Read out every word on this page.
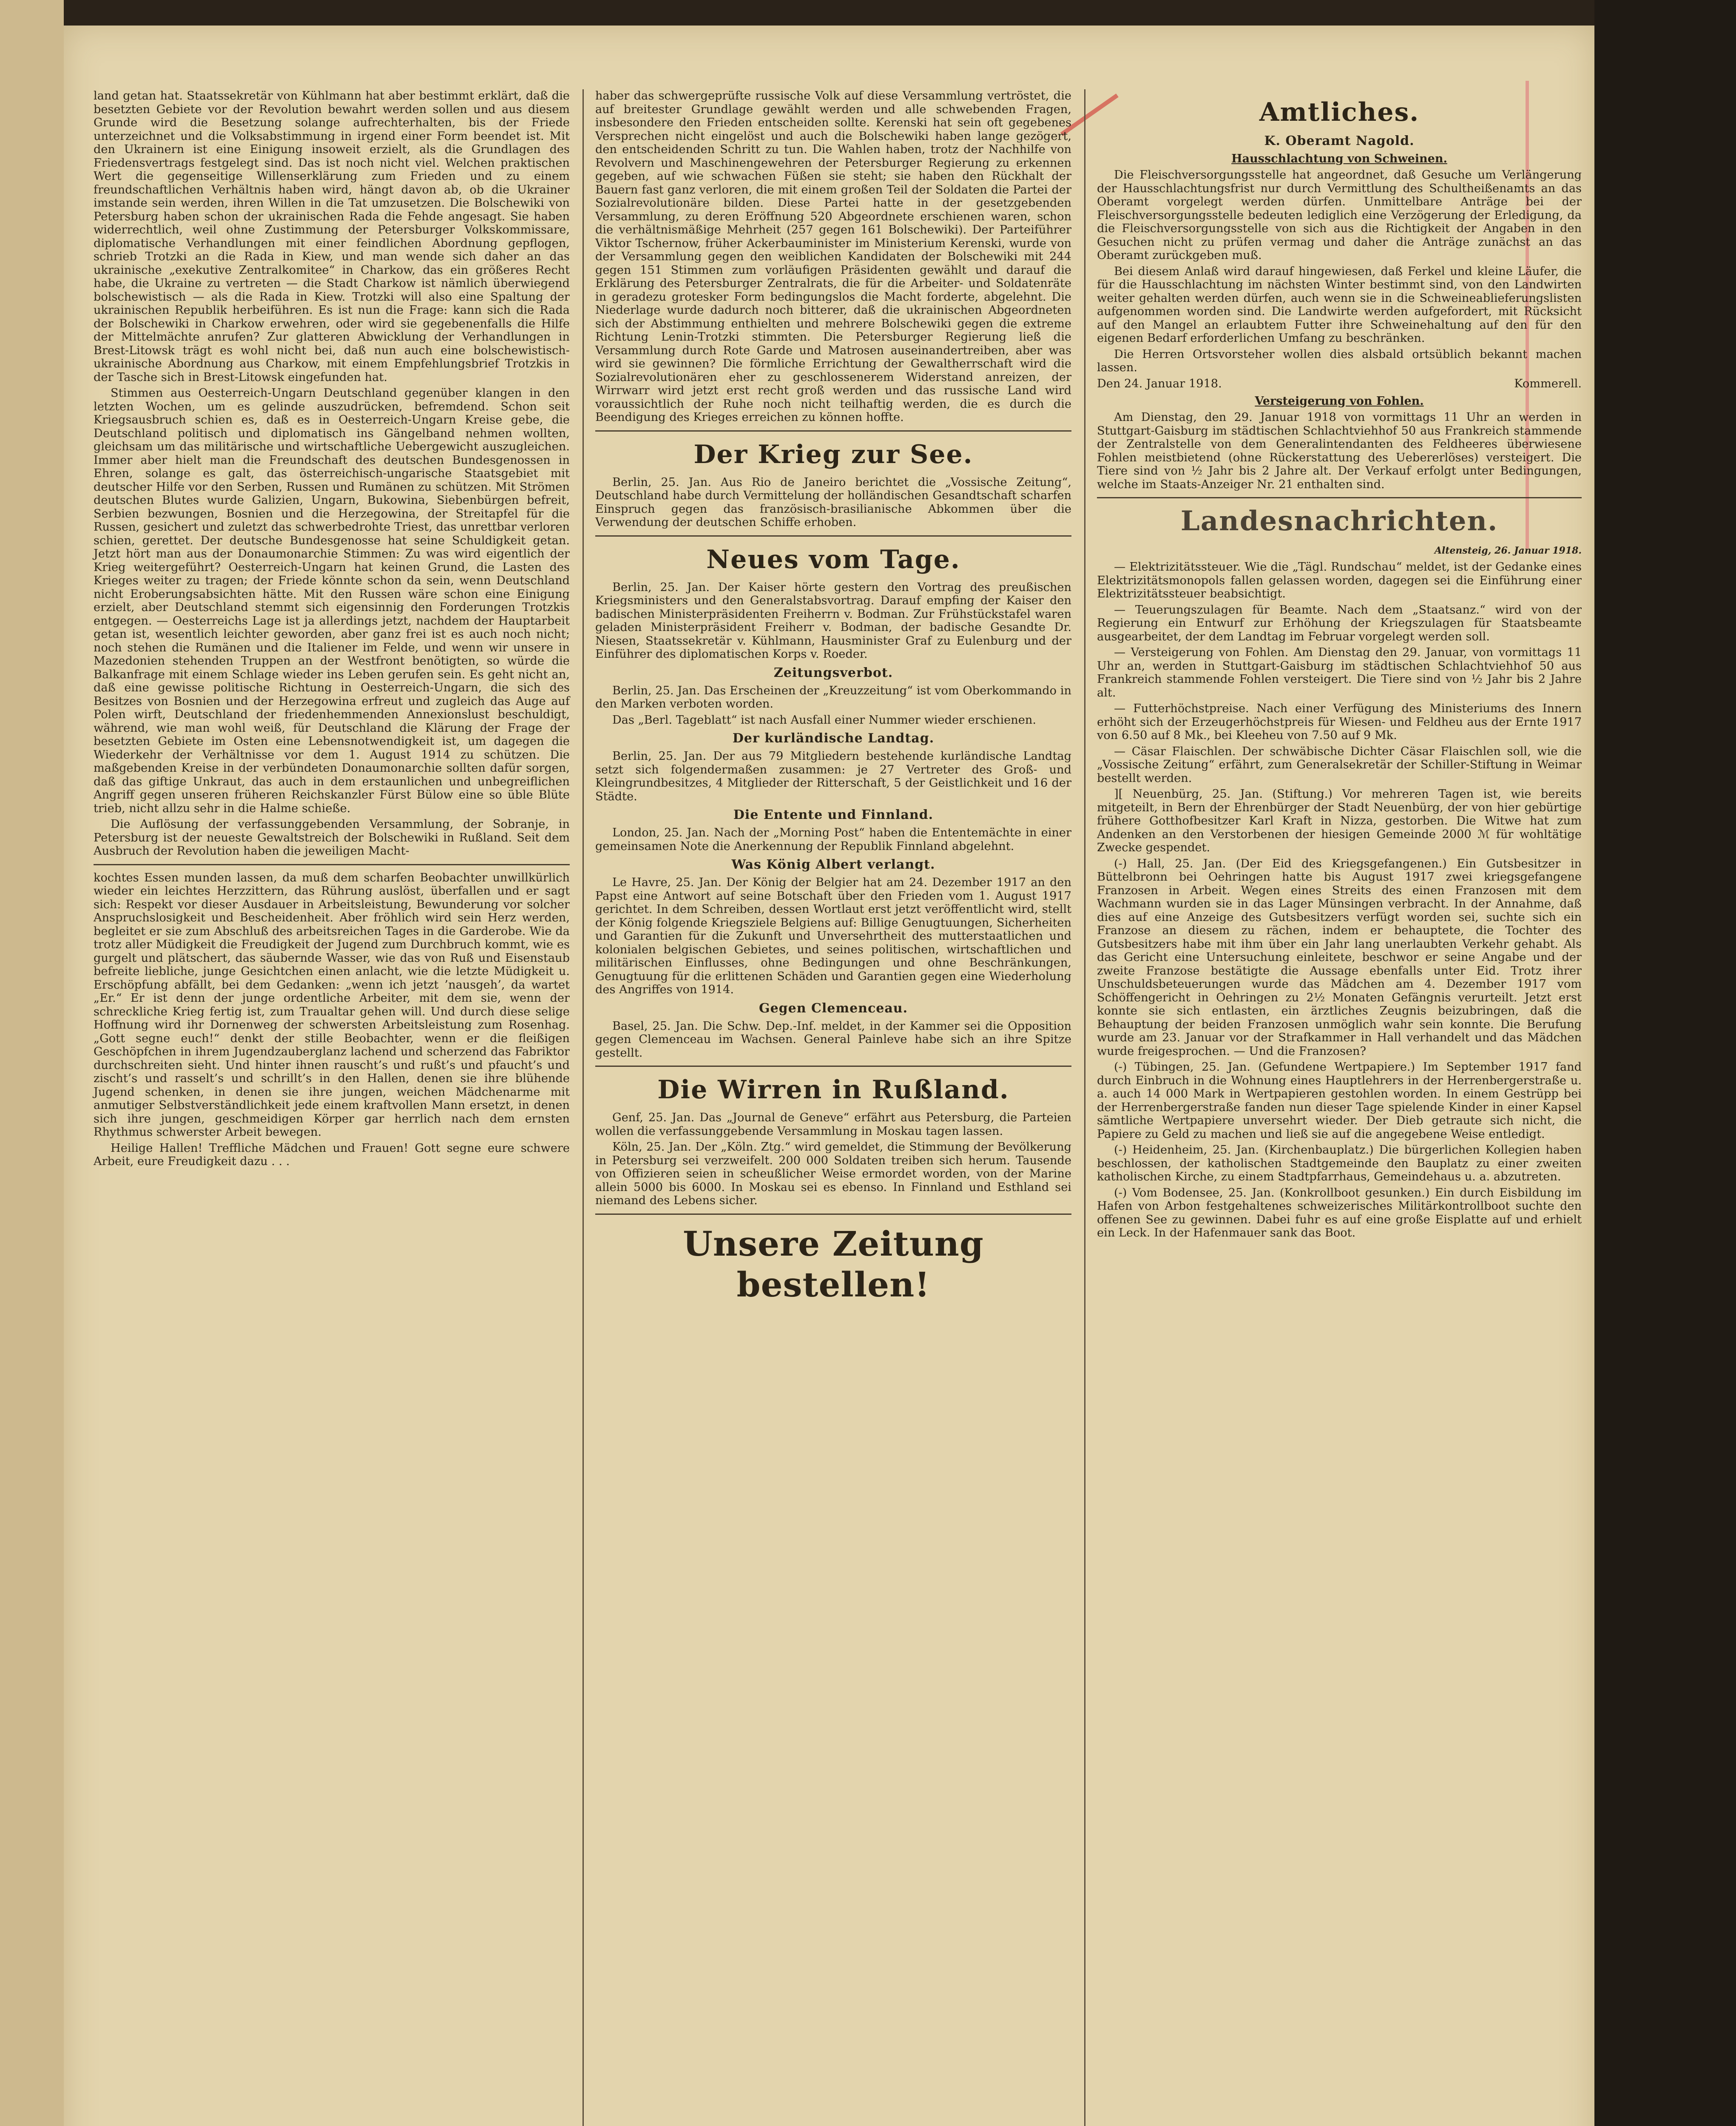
land getan hat. Staatssekretär von Kühlmann hat aber bestimmt erklärt, daß die besetzten Gebiete vor der Revolution bewahrt werden sollen und aus diesem Grunde wird die Besetzung solange aufrechterhalten, bis der Friede unterzeichnet und die Volksabstimmung in irgend einer Form beendet ist. Mit den Ukrainern ist eine Einigung insoweit erzielt, als die Grundlagen des Friedensvertrags festgelegt sind. Das ist noch nicht viel. Welchen praktischen Wert die gegenseitige Willenserklärung zum Frieden und zu einem freundschaftlichen Verhältnis haben wird, hängt davon ab, ob die Ukrainer imstande sein werden, ihren Willen in die Tat umzusetzen. Die Bolschewiki von Petersburg haben schon der ukrainischen Rada die Fehde angesagt. Sie haben widerrechtlich, weil ohne Zustimmung der Petersburger Volkskommissare, diplomatische Verhandlungen mit einer feindlichen Abordnung gepflogen, schrieb Trotzki an die Rada in Kiew, und man wende sich daher an das ukrainische „exekutive Zentralkomitee“ in Charkow, das ein größeres Recht habe, die Ukraine zu vertreten — die Stadt Charkow ist nämlich überwiegend bolschewistisch — als die Rada in Kiew. Trotzki will also eine Spaltung der ukrainischen Republik herbeiführen. Es ist nun die Frage: kann sich die Rada der Bolschewiki in Charkow erwehren, oder wird sie gegebenenfalls die Hilfe der Mittelmächte anrufen? Zur glatteren Abwicklung der Verhandlungen in Brest-Litowsk trägt es wohl nicht bei, daß nun auch eine bolschewistisch-ukrainische Abordnung aus Charkow, mit einem Empfehlungsbrief Trotzkis in der Tasche sich in Brest-Litowsk eingefunden hat.

Stimmen aus Oesterreich-Ungarn Deutschland gegenüber klangen in den letzten Wochen, um es gelinde auszudrücken, befremdend. Schon seit Kriegsausbruch schien es, daß es in Oesterreich-Ungarn Kreise gebe, die Deutschland politisch und diplomatisch ins Gängelband nehmen wollten, gleichsam um das militärische und wirtschaftliche Uebergewicht auszugleichen. Immer aber hielt man die Freundschaft des deutschen Bundesgenossen in Ehren, solange es galt, das österreichisch-ungarische Staatsgebiet mit deutscher Hilfe vor den Serben, Russen und Rumänen zu schützen. Mit Strömen deutschen Blutes wurde Galizien, Ungarn, Bukowina, Siebenbürgen befreit, Serbien bezwungen, Bosnien und die Herzegowina, der Streitapfel für die Russen, gesichert und zuletzt das schwerbedrohte Triest, das unrettbar verloren schien, gerettet. Der deutsche Bundesgenosse hat seine Schuldigkeit getan. Jetzt hört man aus der Donaumonarchie Stimmen: Zu was wird eigentlich der Krieg weitergeführt? Oesterreich-Ungarn hat keinen Grund, die Lasten des Krieges weiter zu tragen; der Friede könnte schon da sein, wenn Deutschland nicht Eroberungsabsichten hätte. Mit den Russen wäre schon eine Einigung erzielt, aber Deutschland stemmt sich eigensinnig den Forderungen Trotzkis entgegen. — Oesterreichs Lage ist ja allerdings jetzt, nachdem der Hauptarbeit getan ist, wesentlich leichter geworden, aber ganz frei ist es auch noch nicht; noch stehen die Rumänen und die Italiener im Felde, und wenn wir unsere in Mazedonien stehenden Truppen an der Westfront benötigten, so würde die Balkanfrage mit einem Schlage wieder ins Leben gerufen sein. Es geht nicht an, daß eine gewisse politische Richtung in Oesterreich-Ungarn, die sich des Besitzes von Bosnien und der Herzegowina erfreut und zugleich das Auge auf Polen wirft, Deutschland der friedenhemmenden Annexionslust beschuldigt, während, wie man wohl weiß, für Deutschland die Klärung der Frage der besetzten Gebiete im Osten eine Lebensnotwendigkeit ist, um dagegen die Wiederkehr der Verhältnisse vor dem 1. August 1914 zu schützen. Die maßgebenden Kreise in der verbündeten Donaumonarchie sollten dafür sorgen, daß das giftige Unkraut, das auch in dem erstaunlichen und unbegreiflichen Angriff gegen unseren früheren Reichskanzler Fürst Bülow eine so üble Blüte trieb, nicht allzu sehr in die Halme schieße.

Die Auflösung der verfassunggebenden Versammlung, der Sobranje, in Petersburg ist der neueste Gewaltstreich der Bolschewiki in Rußland. Seit dem Ausbruch der Revolution haben die jeweiligen Macht-

kochtes Essen munden lassen, da muß dem scharfen Beobachter unwillkürlich wieder ein leichtes Herzzittern, das Rührung auslöst, überfallen und er sagt sich: Respekt vor dieser Ausdauer in Arbeitsleistung, Bewunderung vor solcher Anspruchslosigkeit und Bescheidenheit. Aber fröhlich wird sein Herz werden, begleitet er sie zum Abschluß des arbeitsreichen Tages in die Garderobe. Wie da trotz aller Müdigkeit die Freudigkeit der Jugend zum Durchbruch kommt, wie es gurgelt und plätschert, das säubernde Wasser, wie das von Ruß und Eisenstaub befreite liebliche, junge Gesichtchen einen anlacht, wie die letzte Müdigkeit u. Erschöpfung abfällt, bei dem Gedanken: „wenn ich jetzt ’nausgeh’, da wartet „Er.“ Er ist denn der junge ordentliche Arbeiter, mit dem sie, wenn der schreckliche Krieg fertig ist, zum Traualtar gehen will. Und durch diese selige Hoffnung wird ihr Dornenweg der schwersten Arbeitsleistung zum Rosenhag. „Gott segne euch!“ denkt der stille Beobachter, wenn er die fleißigen Geschöpfchen in ihrem Jugendzauberglanz lachend und scherzend das Fabriktor durchschreiten sieht. Und hinter ihnen rauscht’s und rußt’s und pfaucht’s und zischt’s und rasselt’s und schrillt’s in den Hallen, denen sie ihre blühende Jugend schenken, in denen sie ihre jungen, weichen Mädchenarme mit anmutiger Selbstverständlichkeit jede einem kraftvollen Mann ersetzt, in denen sich ihre jungen, geschmeidigen Körper gar herrlich nach dem ernsten Rhythmus schwerster Arbeit bewegen.

Heilige Hallen! Treffliche Mädchen und Frauen! Gott segne eure schwere Arbeit, eure Freudigkeit dazu . . .

haber das schwergeprüfte russische Volk auf diese Versammlung vertröstet, die auf breitester Grundlage gewählt werden und alle schwebenden Fragen, insbesondere den Frieden entscheiden sollte. Kerenski hat sein oft gegebenes Versprechen nicht eingelöst und auch die Bolschewiki haben lange gezögert, den entscheidenden Schritt zu tun. Die Wahlen haben, trotz der Nachhilfe von Revolvern und Maschinengewehren der Petersburger Regierung zu erkennen gegeben, auf wie schwachen Füßen sie steht; sie haben den Rückhalt der Bauern fast ganz verloren, die mit einem großen Teil der Soldaten die Partei der Sozialrevolutionäre bilden. Diese Partei hatte in der gesetzgebenden Versammlung, zu deren Eröffnung 520 Abgeordnete erschienen waren, schon die verhältnismäßige Mehrheit (257 gegen 161 Bolschewiki). Der Parteiführer Viktor Tschernow, früher Ackerbauminister im Ministerium Kerenski, wurde von der Versammlung gegen den weiblichen Kandidaten der Bolschewiki mit 244 gegen 151 Stimmen zum vorläufigen Präsidenten gewählt und darauf die Erklärung des Petersburger Zentralrats, die für die Arbeiter- und Soldatenräte in geradezu grotesker Form bedingungslos die Macht forderte, abgelehnt. Die Niederlage wurde dadurch noch bitterer, daß die ukrainischen Abgeordneten sich der Abstimmung enthielten und mehrere Bolschewiki gegen die extreme Richtung Lenin-Trotzki stimmten. Die Petersburger Regierung ließ die Versammlung durch Rote Garde und Matrosen auseinandertreiben, aber was wird sie gewinnen? Die förmliche Errichtung der Gewaltherrschaft wird die Sozialrevolutionären eher zu geschlossenerem Widerstand anreizen, der Wirrwarr wird jetzt erst recht groß werden und das russische Land wird voraussichtlich der Ruhe noch nicht teilhaftig werden, die es durch die Beendigung des Krieges erreichen zu können hoffte.

Der Krieg zur See.

Berlin, 25. Jan. Aus Rio de Janeiro berichtet die „Vossische Zeitung“, Deutschland habe durch Vermittelung der holländischen Gesandtschaft scharfen Einspruch gegen das französisch-brasilianische Abkommen über die Verwendung der deutschen Schiffe erhoben.

Neues vom Tage.

Berlin, 25. Jan. Der Kaiser hörte gestern den Vortrag des preußischen Kriegsministers und den Generalstabsvortrag. Darauf empfing der Kaiser den badischen Ministerpräsidenten Freiherrn v. Bodman. Zur Frühstückstafel waren geladen Ministerpräsident Freiherr v. Bodman, der badische Gesandte Dr. Niesen, Staatssekretär v. Kühlmann, Hausminister Graf zu Eulenburg und der Einführer des diplomatischen Korps v. Roeder.

Zeitungsverbot.

Berlin, 25. Jan. Das Erscheinen der „Kreuzzeitung“ ist vom Oberkommando in den Marken verboten worden.

Das „Berl. Tageblatt“ ist nach Ausfall einer Nummer wieder erschienen.

Der kurländische Landtag.

Berlin, 25. Jan. Der aus 79 Mitgliedern bestehende kurländische Landtag setzt sich folgendermaßen zusammen: je 27 Vertreter des Groß- und Kleingrundbesitzes, 4 Mitglieder der Ritterschaft, 5 der Geistlichkeit und 16 der Städte.

Die Entente und Finnland.

London, 25. Jan. Nach der „Morning Post“ haben die Ententemächte in einer gemeinsamen Note die Anerkennung der Republik Finnland abgelehnt.

Was König Albert verlangt.

Le Havre, 25. Jan. Der König der Belgier hat am 24. Dezember 1917 an den Papst eine Antwort auf seine Botschaft über den Frieden vom 1. August 1917 gerichtet. In dem Schreiben, dessen Wortlaut erst jetzt veröffentlicht wird, stellt der König folgende Kriegsziele Belgiens auf: Billige Genugtuungen, Sicherheiten und Garantien für die Zukunft und Unversehrtheit des mutterstaatlichen und kolonialen belgischen Gebietes, und seines politischen, wirtschaftlichen und militärischen Einflusses, ohne Bedingungen und ohne Beschränkungen, Genugtuung für die erlittenen Schäden und Garantien gegen eine Wiederholung des Angriffes von 1914.

Gegen Clemenceau.

Basel, 25. Jan. Die Schw. Dep.-Inf. meldet, in der Kammer sei die Opposition gegen Clemenceau im Wachsen. General Painleve habe sich an ihre Spitze gestellt.

Die Wirren in Rußland.

Genf, 25. Jan. Das „Journal de Geneve“ erfährt aus Petersburg, die Parteien wollen die verfassunggebende Versammlung in Moskau tagen lassen.

Köln, 25. Jan. Der „Köln. Ztg.“ wird gemeldet, die Stimmung der Bevölkerung in Petersburg sei verzweifelt. 200 000 Soldaten treiben sich herum. Tausende von Offizieren seien in scheußlicher Weise ermordet worden, von der Marine allein 5000 bis 6000. In Moskau sei es ebenso. In Finnland und Esthland sei niemand des Lebens sicher.

Unsere Zeitung bestellen!
Amtliches.
K. Oberamt Nagold.
Hausschlachtung von Schweinen.

Die Fleischversorgungsstelle hat angeordnet, daß Gesuche um Verlängerung der Hausschlachtungsfrist nur durch Vermittlung des Schultheißenamts an das Oberamt vorgelegt werden dürfen. Unmittelbare Anträge bei der Fleischversorgungsstelle bedeuten lediglich eine Verzögerung der Erledigung, da die Fleischversorgungsstelle von sich aus die Richtigkeit der Angaben in den Gesuchen nicht zu prüfen vermag und daher die Anträge zunächst an das Oberamt zurückgeben muß.

Bei diesem Anlaß wird darauf hingewiesen, daß Ferkel und kleine Läufer, die für die Hausschlachtung im nächsten Winter bestimmt sind, von den Landwirten weiter gehalten werden dürfen, auch wenn sie in die Schweineablieferungslisten aufgenommen worden sind. Die Landwirte werden aufgefordert, mit Rücksicht auf den Mangel an erlaubtem Futter ihre Schweinehaltung auf den für den eigenen Bedarf erforderlichen Umfang zu beschränken.

Die Herren Ortsvorsteher wollen dies alsbald ortsüblich bekannt machen lassen.

Den 24. Januar 1918.	Kommerell.
Versteigerung von Fohlen.

Am Dienstag, den 29. Januar 1918 von vormittags 11 Uhr an werden in Stuttgart-Gaisburg im städtischen Schlachtviehhof 50 aus Frankreich stammende der Zentralstelle von dem Generalintendanten des Feldheeres überwiesene Fohlen meistbietend (ohne Rückerstattung des Uebererlöses) versteigert. Die Tiere sind von ½ Jahr bis 2 Jahre alt. Der Verkauf erfolgt unter Bedingungen, welche im Staats-Anzeiger Nr. 21 enthalten sind.

Landesnachrichten.
Altensteig, 26. Januar 1918.

— Elektrizitätssteuer. Wie die „Tägl. Rundschau“ meldet, ist der Gedanke eines Elektrizitätsmonopols fallen gelassen worden, dagegen sei die Einführung einer Elektrizitätssteuer beabsichtigt.

— Teuerungszulagen für Beamte. Nach dem „Staatsanz.“ wird von der Regierung ein Entwurf zur Erhöhung der Kriegszulagen für Staatsbeamte ausgearbeitet, der dem Landtag im Februar vorgelegt werden soll.

— Versteigerung von Fohlen. Am Dienstag den 29. Januar, von vormittags 11 Uhr an, werden in Stuttgart-Gaisburg im städtischen Schlachtviehhof 50 aus Frankreich stammende Fohlen versteigert. Die Tiere sind von ½ Jahr bis 2 Jahre alt.

— Futterhöchstpreise. Nach einer Verfügung des Ministeriums des Innern erhöht sich der Erzeugerhöchstpreis für Wiesen- und Feldheu aus der Ernte 1917 von 6.50 auf 8 Mk., bei Kleeheu von 7.50 auf 9 Mk.

— Cäsar Flaischlen. Der schwäbische Dichter Cäsar Flaischlen soll, wie die „Vossische Zeitung“ erfährt, zum Generalsekretär der Schiller-Stiftung in Weimar bestellt werden.

][ Neuenbürg, 25. Jan. (Stiftung.) Vor mehreren Tagen ist, wie bereits mitgeteilt, in Bern der Ehrenbürger der Stadt Neuenbürg, der von hier gebürtige frühere Gotthofbesitzer Karl Kraft in Nizza, gestorben. Die Witwe hat zum Andenken an den Verstorbenen der hiesigen Gemeinde 2000 ℳ für wohltätige Zwecke gespendet.

(-) Hall, 25. Jan. (Der Eid des Kriegsgefangenen.) Ein Gutsbesitzer in Büttelbronn bei Oehringen hatte bis August 1917 zwei kriegsgefangene Franzosen in Arbeit. Wegen eines Streits des einen Franzosen mit dem Wachmann wurden sie in das Lager Münsingen verbracht. In der Annahme, daß dies auf eine Anzeige des Gutsbesitzers verfügt worden sei, suchte sich ein Franzose an diesem zu rächen, indem er behauptete, die Tochter des Gutsbesitzers habe mit ihm über ein Jahr lang unerlaubten Verkehr gehabt. Als das Gericht eine Untersuchung einleitete, beschwor er seine Angabe und der zweite Franzose bestätigte die Aussage ebenfalls unter Eid. Trotz ihrer Unschuldsbeteuerungen wurde das Mädchen am 4. Dezember 1917 vom Schöffengericht in Oehringen zu 2½ Monaten Gefängnis verurteilt. Jetzt erst konnte sie sich entlasten, ein ärztliches Zeugnis beizubringen, daß die Behauptung der beiden Franzosen unmöglich wahr sein konnte. Die Berufung wurde am 23. Januar vor der Strafkammer in Hall verhandelt und das Mädchen wurde freigesprochen. — Und die Franzosen?

(-) Tübingen, 25. Jan. (Gefundene Wertpapiere.) Im September 1917 fand durch Einbruch in die Wohnung eines Hauptlehrers in der Herrenbergerstraße u. a. auch 14 000 Mark in Wertpapieren gestohlen worden. In einem Gestrüpp bei der Herrenbergerstraße fanden nun dieser Tage spielende Kinder in einer Kapsel sämtliche Wertpapiere unversehrt wieder. Der Dieb getraute sich nicht, die Papiere zu Geld zu machen und ließ sie auf die angegebene Weise entledigt.

(-) Heidenheim, 25. Jan. (Kirchenbauplatz.) Die bürgerlichen Kollegien haben beschlossen, der katholischen Stadtgemeinde den Bauplatz zu einer zweiten katholischen Kirche, zu einem Stadtpfarrhaus, Gemeindehaus u. a. abzutreten.

(-) Vom Bodensee, 25. Jan. (Konkrollboot gesunken.) Ein durch Eisbildung im Hafen von Arbon festgehaltenes schweizerisches Militärkontrollboot suchte den offenen See zu gewinnen. Dabei fuhr es auf eine große Eisplatte auf und erhielt ein Leck. In der Hafenmauer sank das Boot.
